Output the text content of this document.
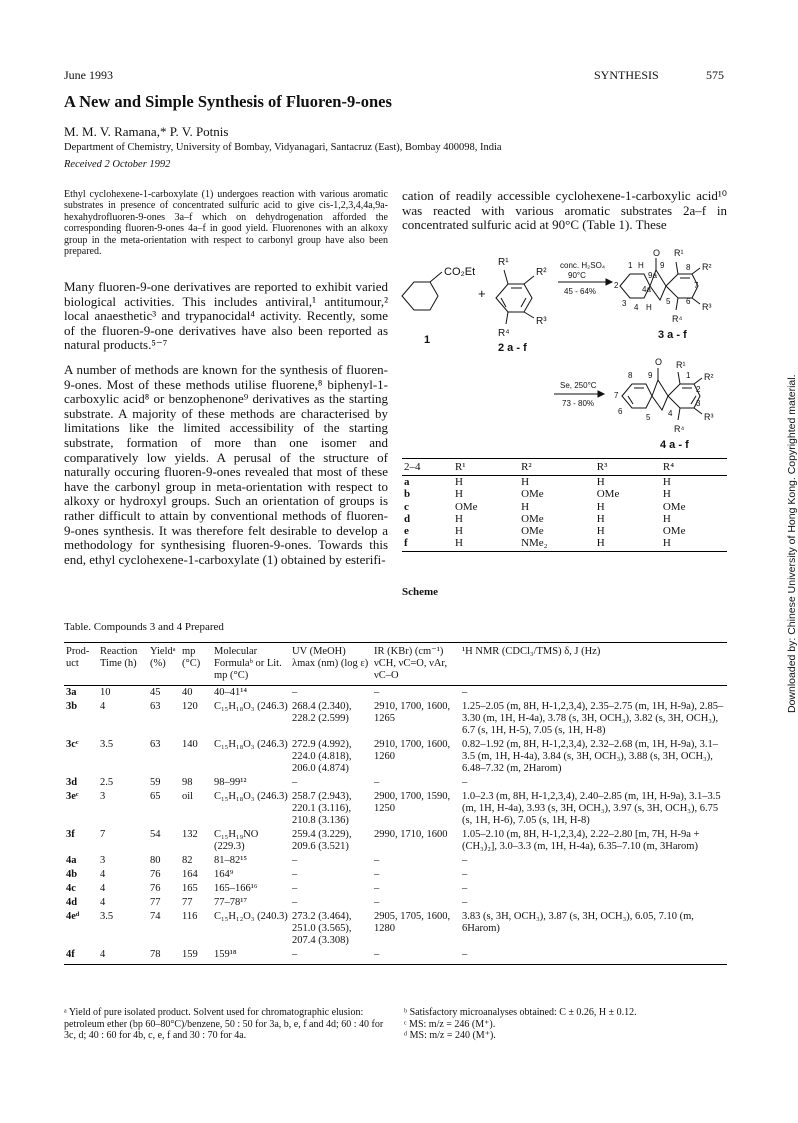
June 1993	SYNTHESIS	575
A New and Simple Synthesis of Fluoren-9-ones
M. M. V. Ramana,* P. V. Potnis
Department of Chemistry, University of Bombay, Vidyanagari, Santacruz (East), Bombay 400098, India
Received 2 October 1992
Ethyl cyclohexene-1-carboxylate (1) undergoes reaction with various aromatic substrates in presence of concentrated sulfuric acid to give cis-1,2,3,4,4a,9a-hexahydrofluoren-9-ones 3a–f which on dehydrogenation afforded the corresponding fluoren-9-ones 4a–f in good yield. Fluorenones with an alkoxy group in the meta-orientation with respect to carbonyl group have also been prepared.

Many fluoren-9-one derivatives are reported to exhibit varied biological activities. This includes antiviral,¹ antitumour,² local anaesthetic³ and trypanocidal⁴ activity. Recently, some of the fluoren-9-one derivatives have also been reported as natural products.⁵⁻⁷

A number of methods are known for the synthesis of fluoren-9-ones. Most of these methods utilise fluorene,⁸ biphenyl-1-carboxylic acid⁸ or benzophenone⁹ derivatives as the starting substrate. A majority of these methods are characterised by limitations like the limited accessibility of the starting substrate, formation of more than one isomer and comparatively low yields. A perusal of the structure of naturally occuring fluoren-9-ones revealed that most of these have the carbonyl group in meta-orientation with respect to alkoxy or hydroxyl groups. Such an orientation of groups is rather difficult to attain by conventional methods of fluoren-9-ones synthesis. It was therefore felt desirable to develop a methodology for synthesising fluoren-9-ones. Towards this end, ethyl cyclohexene-1-carboxylate (1) obtained by esterifi-

cation of readily accessible cyclohexene-1-carboxylic acid¹⁰ was reacted with various aromatic substrates 2a–f in concentrated sulfuric acid at 90°C (Table 1). These
CO₂Et
1
+
R¹
R²
R³
R⁴
2 a - f
conc. H₂SO₄
90°C
45 - 64%
O R¹
R²
R³
R⁴
1 H
2
3 4 H
4a
9a
9	8
7
6
5
3 a - f
Se, 250°C
73 - 80%
O R¹
R²
R³
R⁴
8 9
7
6
5
1
2
3
4
4 a - f
2–4	R¹	R²	R³	R⁴
a	H	H	H	H
b	H	OMe	OMe	H
c	OMe	H	H	OMe
d	H	OMe	H	H
e	H	OMe	H	OMe
f	H	NMe₂	H	H
Scheme
Table. Compounds 3 and 4 Prepared
Prod- uct	Reaction Time (h)	Yieldᵃ (%)	mp (°C)	Molecular Formulaᵇ or Lit. mp (°C)	UV (MeOH) λmax (nm) (log ε)	IR (KBr) (cm⁻¹) νCH, νC=O, νAr, νC–O	¹H NMR (CDCl₃/TMS) δ, J (Hz)
3a	10	45	40	40–41¹⁴	–	–	–
3b	4	63	120	C₁₅H₁₈O₃ (246.3)	268.4 (2.340), 228.2 (2.599)	2910, 1700, 1600, 1265	1.25–2.05 (m, 8H, H-1,2,3,4), 2.35–2.75 (m, 1H, H-9a), 2.85–3.30 (m, 1H, H-4a), 3.78 (s, 3H, OCH₃), 3.82 (s, 3H, OCH₃), 6.7 (s, 1H, H-5), 7.05 (s, 1H, H-8)
3cᶜ	3.5	63	140	C₁₅H₁₈O₃ (246.3)	272.9 (4.992), 224.0 (4.818), 206.0 (4.874)	2910, 1700, 1600, 1260	0.82–1.92 (m, 8H, H-1,2,3,4), 2.32–2.68 (m, 1H, H-9a), 3.1–3.5 (m, 1H, H-4a), 3.84 (s, 3H, OCH₃), 3.88 (s, 3H, OCH₃), 6.48–7.32 (m, 2Harom)
3d	2.5	59	98	98–99¹²	–	–	–
3eᶜ	3	65	oil	C₁₅H₁₈O₃ (246.3)	258.7 (2.943), 220.1 (3.116), 210.8 (3.136)	2900, 1700, 1590, 1250	1.0–2.3 (m, 8H, H-1,2,3,4), 2.40–2.85 (m, 1H, H-9a), 3.1–3.5 (m, 1H, H-4a), 3.93 (s, 3H, OCH₃), 3.97 (s, 3H, OCH₃), 6.75 (s, 1H, H-6), 7.05 (s, 1H, H-8)
3f	7	54	132	C₁₅H₁₉NO (229.3)	259.4 (3.229), 209.6 (3.521)	2990, 1710, 1600	1.05–2.10 (m, 8H, H-1,2,3,4), 2.22–2.80 [m, 7H, H-9a + (CH₃)₂], 3.0–3.3 (m, 1H, H-4a), 6.35–7.10 (m, 3Harom)
4a	3	80	82	81–82¹⁵	–	–	–
4b	4	76	164	164⁹	–	–	–
4c	4	76	165	165–166¹⁶	–	–	–
4d	4	77	77	77–78¹⁷	–	–	–
4eᵈ	3.5	74	116	C₁₅H₁₂O₃ (240.3)	273.2 (3.464), 251.0 (3.565), 207.4 (3.308)	2905, 1705, 1600, 1280	3.83 (s, 3H, OCH₃), 3.87 (s, 3H, OCH₃), 6.05, 7.10 (m, 6Harom)
4f	4	78	159	159¹⁸	–	–	–
ᵃ Yield of pure isolated product. Solvent used for chromatographic elusion: petroleum ether (bp 60–80°C)/benzene, 50 : 50 for 3a, b, e, f and 4d; 60 : 40 for 3c, d; 40 : 60 for 4b, c, e, f and 30 : 70 for 4a.
ᵇ Satisfactory microanalyses obtained: C ± 0.26, H ± 0.12.
ᶜ MS: m/z = 246 (M⁺).
ᵈ MS: m/z = 240 (M⁺).
Downloaded by: Chinese University of Hong Kong. Copyrighted material.
